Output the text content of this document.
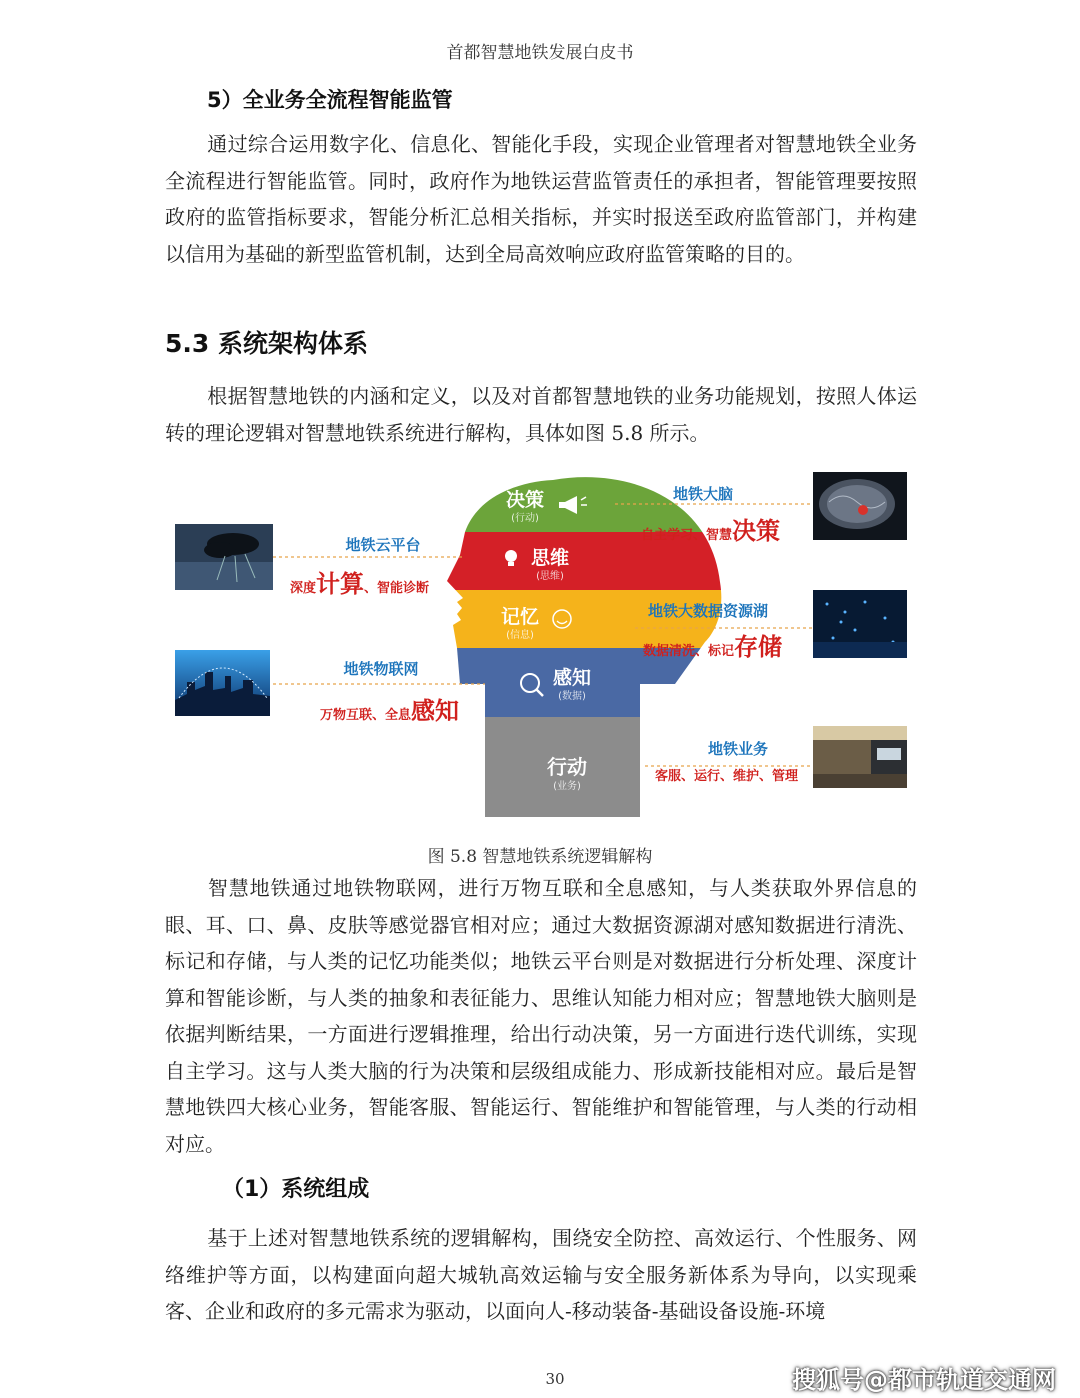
首都智慧地铁发展白皮书
5）全业务全流程智能监管
通过综合运用数字化、信息化、智能化手段，实现企业管理者对智慧地铁全业务全流程进行智能监管。同时，政府作为地铁运营监管责任的承担者，智能管理要按照政府的监管指标要求，智能分析汇总相关指标，并实时报送至政府监管部门，并构建以信用为基础的新型监管机制，达到全局高效响应政府监管策略的目的。
5.3 系统架构体系
根据智慧地铁的内涵和定义，以及对首都智慧地铁的业务功能规划，按照人体运转的理论逻辑对智慧地铁系统进行解构，具体如图 5.8 所示。
决策
(行动)
思维
(思维)
记忆
(信息)
感知
(数据)
行动
(业务)
地铁云平台
深度计算、智能诊断
地铁物联网
万物互联、全息感知
地铁大脑
自主学习、智慧决策
地铁大数据资源湖
数据清洗、标记存储
地铁业务
客服、运行、维护、管理
图 5.8 智慧地铁系统逻辑解构
智慧地铁通过地铁物联网，进行万物互联和全息感知，与人类获取外界信息的眼、耳、口、鼻、皮肤等感觉器官相对应；通过大数据资源湖对感知数据进行清洗、标记和存储，与人类的记忆功能类似；地铁云平台则是对数据进行分析处理、深度计算和智能诊断，与人类的抽象和表征能力、思维认知能力相对应；智慧地铁大脑则是依据判断结果，一方面进行逻辑推理，给出行动决策，另一方面进行迭代训练，实现自主学习。这与人类大脑的行为决策和层级组成能力、形成新技能相对应。最后是智慧地铁四大核心业务，智能客服、智能运行、智能维护和智能管理，与人类的行动相对应。
（1）系统组成
基于上述对智慧地铁系统的逻辑解构，围绕安全防控、高效运行、个性服务、网络维护等方面，以构建面向超大城轨高效运输与安全服务新体系为导向，以实现乘客、企业和政府的多元需求为驱动，以面向人-移动装备-基础设备设施-环境
30	搜狐号@都市轨道交通网
